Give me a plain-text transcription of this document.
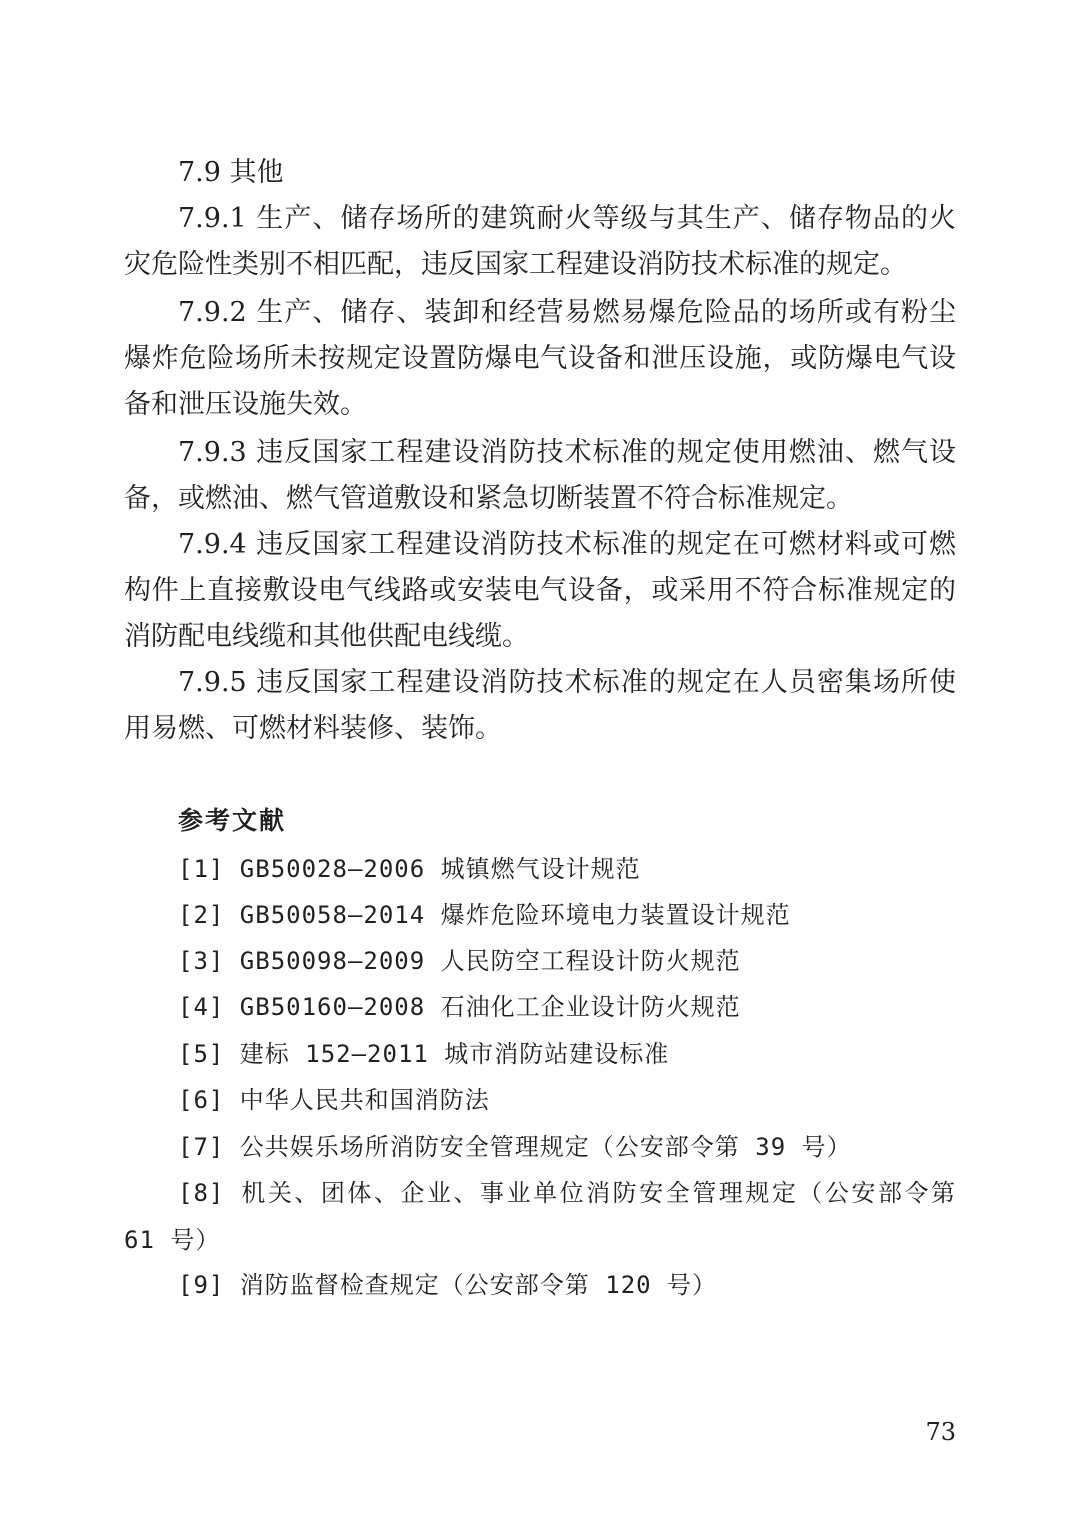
7.9 其他

7.9.1 生产、储存场所的建筑耐火等级与其生产、储存物品的火灾危险性类别不相匹配，违反国家工程建设消防技术标准的规定。

7.9.2 生产、储存、装卸和经营易燃易爆危险品的场所或有粉尘爆炸危险场所未按规定设置防爆电气设备和泄压设施，或防爆电气设备和泄压设施失效。

7.9.3 违反国家工程建设消防技术标准的规定使用燃油、燃气设备，或燃油、燃气管道敷设和紧急切断装置不符合标准规定。

7.9.4 违反国家工程建设消防技术标准的规定在可燃材料或可燃构件上直接敷设电气线路或安装电气设备，或采用不符合标准规定的消防配电线缆和其他供配电线缆。

7.9.5 违反国家工程建设消防技术标准的规定在人员密集场所使用易燃、可燃材料装修、装饰。

参考文献

[1] GB50028—2006 城镇燃气设计规范

[2] GB50058—2014 爆炸危险环境电力装置设计规范

[3] GB50098—2009 人民防空工程设计防火规范

[4] GB50160—2008 石油化工企业设计防火规范

[5] 建标 152—2011 城市消防站建设标准

[6] 中华人民共和国消防法

[7] 公共娱乐场所消防安全管理规定（公安部令第 39 号）

[8] 机关、团体、企业、事业单位消防安全管理规定（公安部令第 61 号）

[9] 消防监督检查规定（公安部令第 120 号）

73
